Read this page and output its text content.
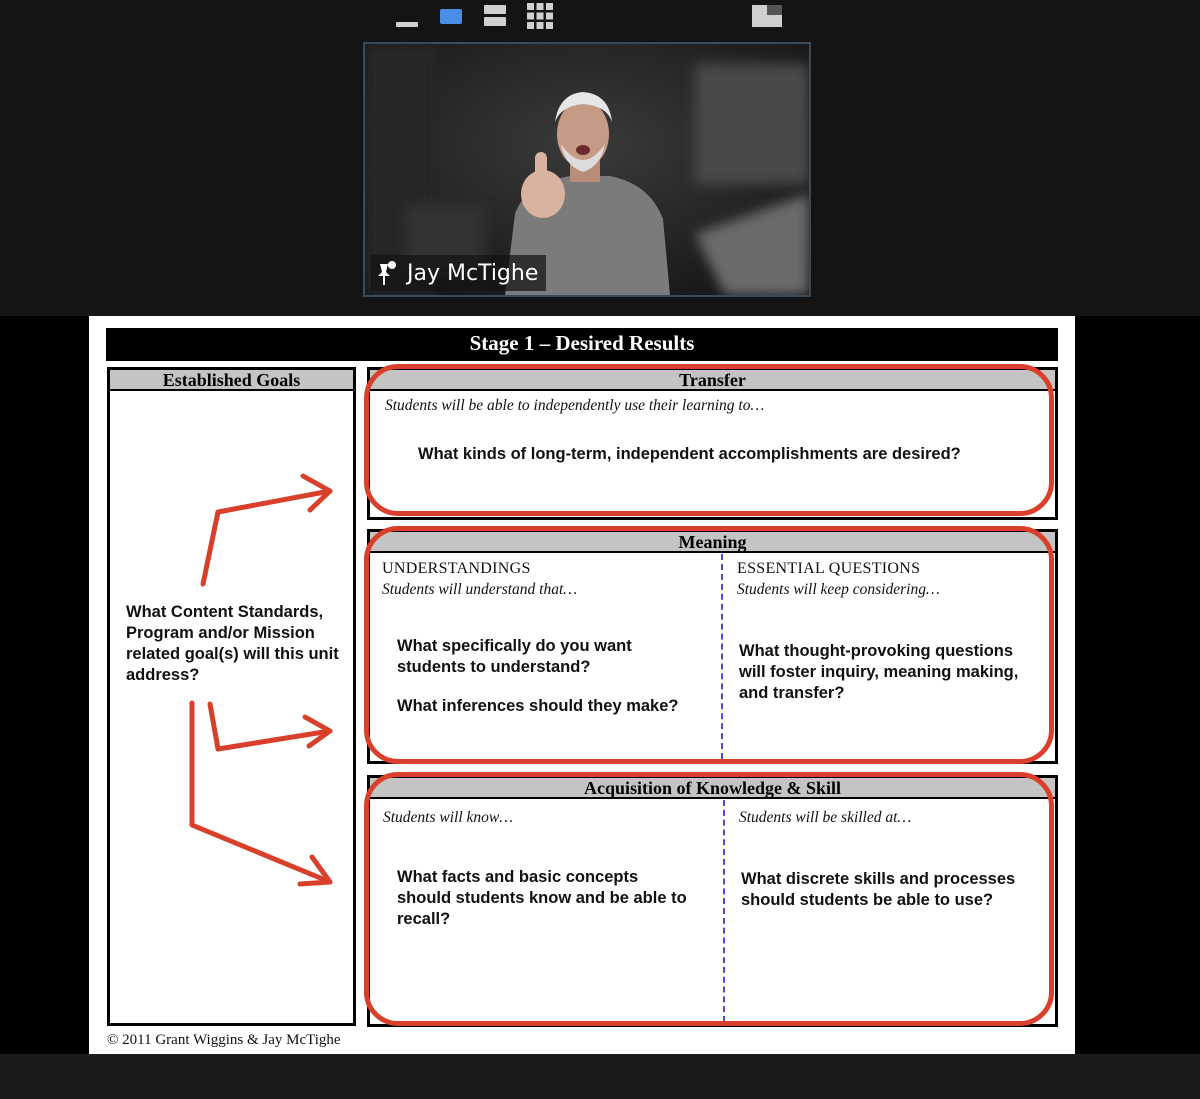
Jay McTighe
Stage 1 – Desired Results
Established Goals
What Content Standards, Program and/or Mission related goal(s) will this unit address?
Transfer
Students will be able to independently use their learning to…
What kinds of long-term, independent accomplishments are desired?
Meaning
UNDERSTANDINGS
Students will understand that…
What specifically do you want students to understand?
What inferences should they make?
ESSENTIAL QUESTIONS
Students will keep considering…
What thought-provoking questions will foster inquiry, meaning making, and transfer?
Acquisition of Knowledge & Skill
Students will know…
What facts and basic concepts should students know and be able to recall?
Students will be skilled at…
What discrete skills and processes should students be able to use?
© 2011 Grant Wiggins & Jay McTighe
